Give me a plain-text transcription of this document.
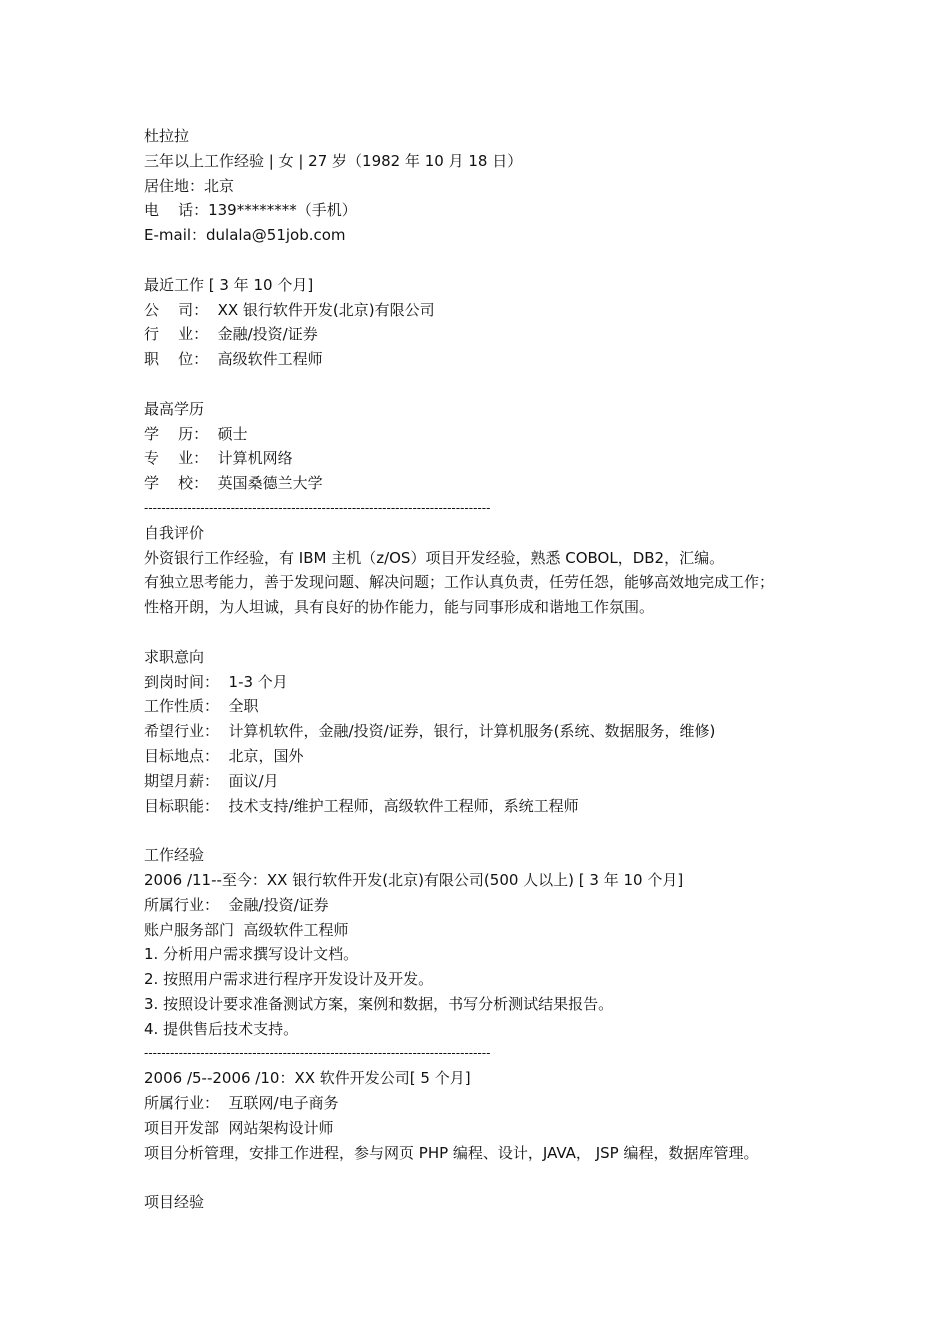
杜拉拉
三年以上工作经验 | 女 | 27 岁（1982 年 10 月 18 日）
居住地：北京
电    话：139********（手机）
E-mail：dulala@51job.com
最近工作 [ 3 年 10 个月]
公    司：  XX 银行软件开发(北京)有限公司
行    业：  金融/投资/证券
职    位：  高级软件工程师
最高学历
学    历：  硕士
专    业：  计算机网络
学    校：  英国桑德兰大学
--------------------------------------------------------------------------------
自我评价
外资银行工作经验，有 IBM 主机（z/OS）项目开发经验，熟悉 COBOL，DB2，汇编。
有独立思考能力，善于发现问题、解决问题；工作认真负责，任劳任怨，能够高效地完成工作；
性格开朗，为人坦诚，具有良好的协作能力，能与同事形成和谐地工作氛围。
求职意向
到岗时间：  1-3 个月
工作性质：  全职
希望行业：  计算机软件，金融/投资/证券，银行，计算机服务(系统、数据服务，维修)
目标地点：  北京，国外
期望月薪：  面议/月
目标职能：  技术支持/维护工程师，高级软件工程师，系统工程师
工作经验
2006 /11--至今：XX 银行软件开发(北京)有限公司(500 人以上) [ 3 年 10 个月]
所属行业：  金融/投资/证券
账户服务部门  高级软件工程师
1. 分析用户需求撰写设计文档。
2. 按照用户需求进行程序开发设计及开发。
3. 按照设计要求准备测试方案，案例和数据，书写分析测试结果报告。
4. 提供售后技术支持。
--------------------------------------------------------------------------------
2006 /5--2006 /10：XX 软件开发公司[ 5 个月]
所属行业：  互联网/电子商务
项目开发部  网站架构设计师
项目分析管理，安排工作进程，参与网页 PHP 编程、设计，JAVA， JSP 编程，数据库管理。
项目经验
